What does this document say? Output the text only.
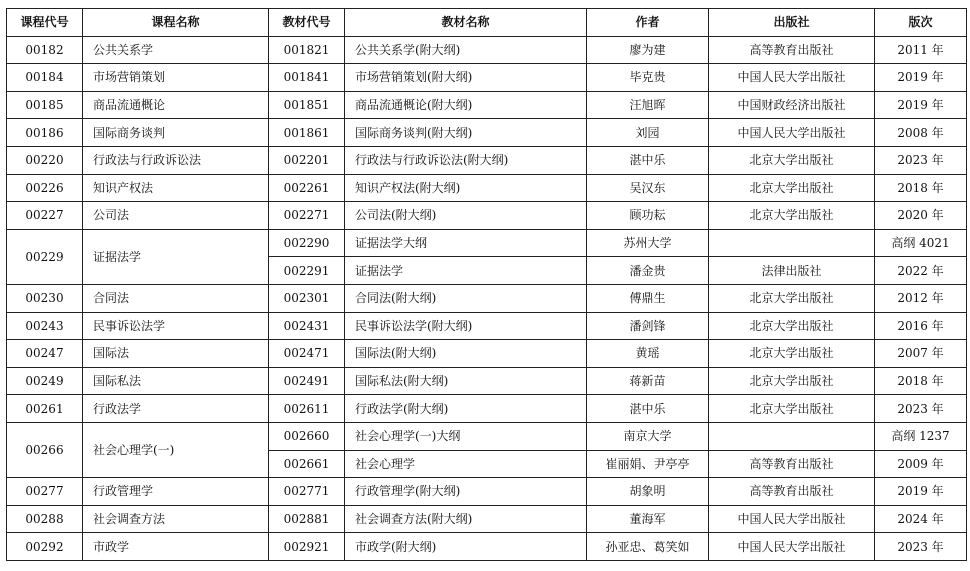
课程代号	课程名称	教材代号	教材名称	作者	出版社	版次
00182	公共关系学	001821	公共关系学(附大纲)	廖为建	高等教育出版社	2011 年
00184	市场营销策划	001841	市场营销策划(附大纲)	毕克贵	中国人民大学出版社	2019 年
00185	商品流通概论	001851	商品流通概论(附大纲)	汪旭晖	中国财政经济出版社	2019 年
00186	国际商务谈判	001861	国际商务谈判(附大纲)	刘园	中国人民大学出版社	2008 年
00220	行政法与行政诉讼法	002201	行政法与行政诉讼法(附大纲)	湛中乐	北京大学出版社	2023 年
00226	知识产权法	002261	知识产权法(附大纲)	吴汉东	北京大学出版社	2018 年
00227	公司法	002271	公司法(附大纲)	顾功耘	北京大学出版社	2020 年
00229	证据法学	002290	证据法学大纲	苏州大学		高纲 4021
		002291	证据法学	潘金贵	法律出版社	2022 年
00230	合同法	002301	合同法(附大纲)	傅鼎生	北京大学出版社	2012 年
00243	民事诉讼法学	002431	民事诉讼法学(附大纲)	潘剑锋	北京大学出版社	2016 年
00247	国际法	002471	国际法(附大纲)	黄瑶	北京大学出版社	2007 年
00249	国际私法	002491	国际私法(附大纲)	蒋新苗	北京大学出版社	2018 年
00261	行政法学	002611	行政法学(附大纲)	湛中乐	北京大学出版社	2023 年
00266	社会心理学(一)	002660	社会心理学(一)大纲	南京大学		高纲 1237
		002661	社会心理学	崔丽娟、尹亭亭	高等教育出版社	2009 年
00277	行政管理学	002771	行政管理学(附大纲)	胡象明	高等教育出版社	2019 年
00288	社会调查方法	002881	社会调查方法(附大纲)	董海军	中国人民大学出版社	2024 年
00292	市政学	002921	市政学(附大纲)	孙亚忠、葛笑如	中国人民大学出版社	2023 年
